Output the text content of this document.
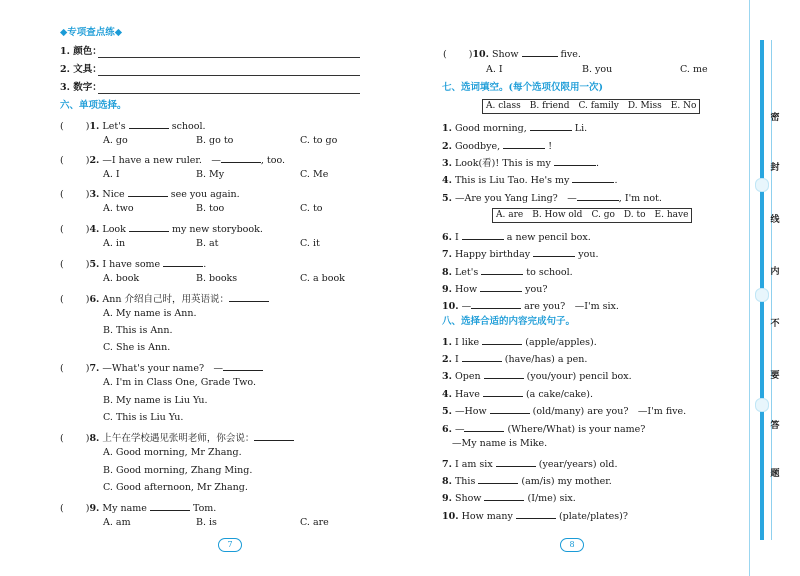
◆专项查点练◆
1. 颜色：
2. 文具：
3. 数字：
六、单项选择。
( )1. Let's	school.
A. go	B. go to	C. to go
( )2. —I have a new ruler.　—	, too.
A. I	B. My	C. Me
( )3. Nice	see you again.
A. two	B. too	C. to
( )4. Look	my new storybook.
A. in	B. at	C. it
( )5. I have some	.
A. book	B. books	C. a book
( )6. Ann 介绍自己时，用英语说：
A. My name is Ann.
B. This is Ann.
C. She is Ann.
( )7. —What's your name?　—
A. I'm in Class One, Grade Two.
B. My name is Liu Yu.
C. This is Liu Yu.
( )8. 上午在学校遇见张明老师，你会说：
A. Good morning, Mr Zhang.
B. Good morning, Zhang Ming.
C. Good afternoon, Mr Zhang.
( )9. My name	Tom.
A. am	B. is	C. are
7
( )10. Show	five.
A. I	B. you	C. me
七、选词填空。(每个选项仅限用一次)
A. class　B. friend　C. family　D. Miss　E. No
1. Good morning,	Li.
2. Goodbye,	!
3. Look(看)! This is my	.
4. This is Liu Tao. He's my	.
5. —Are you Yang Ling?　—	, I'm not.
A. are　B. How old　C. go　D. to　E. have
6. I	a new pencil box.
7. Happy birthday	you.
8. Let's	to school.
9. How	you?
10. —	are you?　—I'm six.
八、选择合适的内容完成句子。
1. I like	(apple/apples).
2. I	(have/has) a pen.
3. Open	(you/your) pencil box.
4. Have	(a cake/cake).
5. —How	(old/many) are you?　—I'm five.
6. —	(Where/What) is your name?
—My name is Mike.
7. I am six	(year/years) old.
8. This	(am/is) my mother.
9. Show	(I/me) six.
10. How many	(plate/plates)?
8
密
封
线
内
不
要
答
题
